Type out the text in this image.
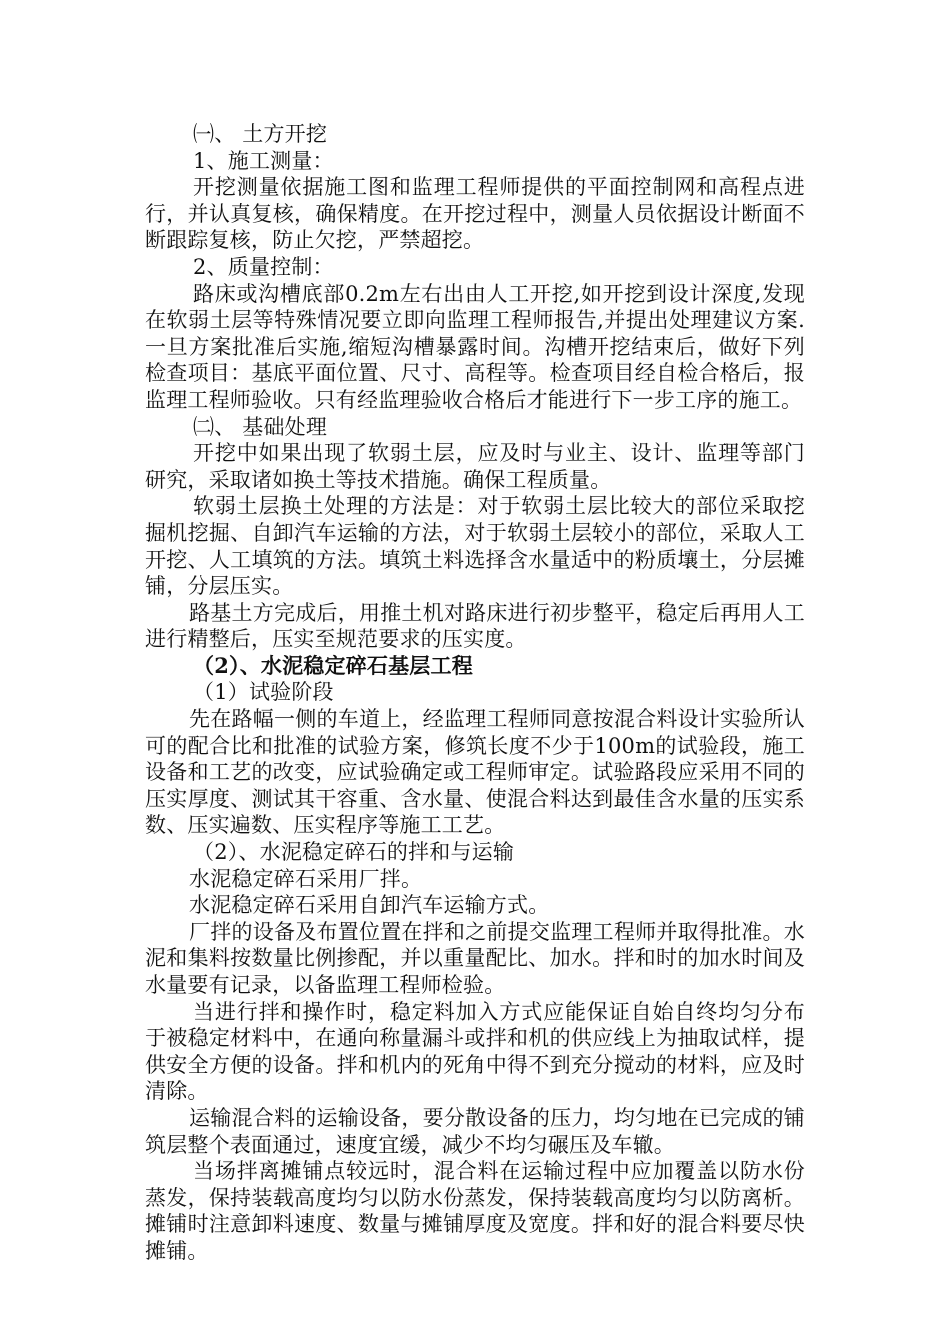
㈠、 土方开挖

1、施工测量：

开挖测量依据施工图和监理工程师提供的平面控制网和高程点进行，并认真复核，确保精度。在开挖过程中，测量人员依据设计断面不断跟踪复核，防止欠挖，严禁超挖。

2、质量控制：

路床或沟槽底部0.2m左右出由人工开挖,如开挖到设计深度,发现在软弱土层等特殊情况要立即向监理工程师报告,并提出处理建议方案.一旦方案批准后实施,缩短沟槽暴露时间。沟槽开挖结束后，做好下列检查项目：基底平面位置、尺寸、高程等。检查项目经自检合格后，报监理工程师验收。只有经监理验收合格后才能进行下一步工序的施工。

㈡、 基础处理

开挖中如果出现了软弱土层，应及时与业主、设计、监理等部门研究，采取诸如换土等技术措施。确保工程质量。

软弱土层换土处理的方法是：对于软弱土层比较大的部位采取挖掘机挖掘、自卸汽车运输的方法，对于软弱土层较小的部位，采取人工开挖、人工填筑的方法。填筑土料选择含水量适中的粉质壤土，分层摊铺，分层压实。

路基土方完成后，用推土机对路床进行初步整平，稳定后再用人工进行精整后，压实至规范要求的压实度。

（2）、水泥稳定碎石基层工程

（1）试验阶段

先在路幅一侧的车道上，经监理工程师同意按混合料设计实验所认可的配合比和批准的试验方案，修筑长度不少于100m的试验段，施工设备和工艺的改变，应试验确定或工程师审定。试验路段应采用不同的压实厚度、测试其干容重、含水量、使混合料达到最佳含水量的压实系数、压实遍数、压实程序等施工工艺。

（2）、水泥稳定碎石的拌和与运输

水泥稳定碎石采用厂拌。

水泥稳定碎石采用自卸汽车运输方式。

厂拌的设备及布置位置在拌和之前提交监理工程师并取得批准。水泥和集料按数量比例掺配，并以重量配比、加水。拌和时的加水时间及水量要有记录，以备监理工程师检验。

当进行拌和操作时，稳定料加入方式应能保证自始自终均匀分布于被稳定材料中，在通向称量漏斗或拌和机的供应线上为抽取试样，提供安全方便的设备。拌和机内的死角中得不到充分搅动的材料，应及时清除。

运输混合料的运输设备，要分散设备的压力，均匀地在已完成的铺筑层整个表面通过，速度宜缓，减少不均匀碾压及车辙。

当场拌离摊铺点较远时，混合料在运输过程中应加覆盖以防水份蒸发，保持装载高度均匀以防水份蒸发，保持装载高度均匀以防离析。摊铺时注意卸料速度、数量与摊铺厚度及宽度。拌和好的混合料要尽快摊铺。
